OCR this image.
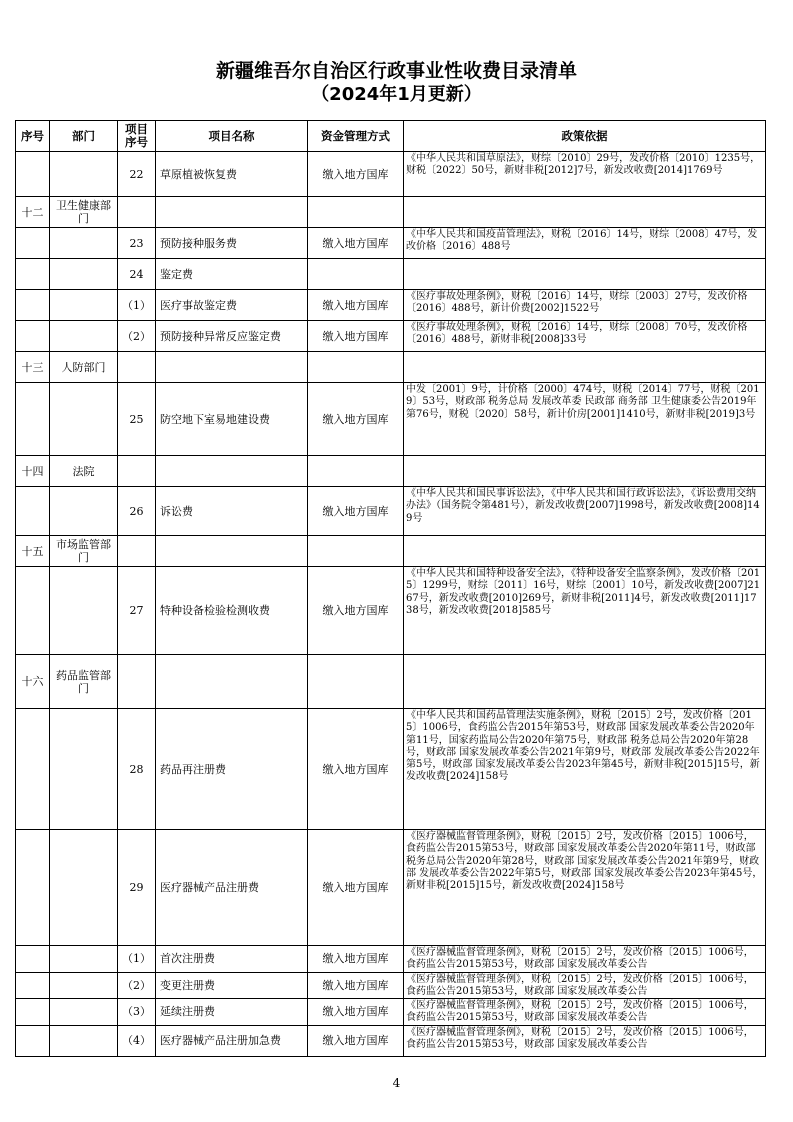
新疆维吾尔自治区行政事业性收费目录清单
（2024年1月更新）
序号	部门	项目序号	项目名称	资金管理方式	政策依据
		22	草原植被恢复费	缴入地方国库	《中华人民共和国草原法》，财综〔2010〕29号，发改价格〔2010〕1235号，财税〔2022〕50号，新财非税[2012]7号，新发改收费[2014]1769号
十二	卫生健康部门				
		23	预防接种服务费	缴入地方国库	《中华人民共和国疫苗管理法》，财税〔2016〕14号，财综〔2008〕47号，发改价格〔2016〕488号
		24	鉴定费		
		（1）	医疗事故鉴定费	缴入地方国库	《医疗事故处理条例》，财税〔2016〕14号，财综〔2003〕27号，发改价格〔2016〕488号，新计价费[2002]1522号
		（2）	预防接种异常反应鉴定费	缴入地方国库	《医疗事故处理条例》，财税〔2016〕14号，财综〔2008〕70号，发改价格〔2016〕488号，新财非税[2008]33号
十三	人防部门				
		25	防空地下室易地建设费	缴入地方国库	中发〔2001〕9号，计价格〔2000〕474号，财税〔2014〕77号，财税〔2019〕53号，财政部 税务总局 发展改革委 民政部 商务部 卫生健康委公告2019年第76号，财税〔2020〕58号，新计价房[2001]1410号，新财非税[2019]3号
十四	法院				
		26	诉讼费	缴入地方国库	《中华人民共和国民事诉讼法》，《中华人民共和国行政诉讼法》，《诉讼费用交纳办法》（国务院令第481号），新发改收费[2007]1998号，新发改收费[2008]149号
十五	市场监管部门				
		27	特种设备检验检测收费	缴入地方国库	《中华人民共和国特种设备安全法》，《特种设备安全监察条例》，发改价格〔2015〕1299号，财综〔2011〕16号，财综〔2001〕10号，新发改收费[2007]2167号，新发改收费[2010]269号，新财非税[2011]4号，新发改收费[2011]1738号，新发改收费[2018]585号
十六	药品监管部门				
		28	药品再注册费	缴入地方国库	《中华人民共和国药品管理法实施条例》，财税〔2015〕2号，发改价格〔2015〕1006号，食药监公告2015年第53号，财政部 国家发展改革委公告2020年第11号，国家药监局公告2020年第75号，财政部 税务总局公告2020年第28号，财政部 国家发展改革委公告2021年第9号，财政部 发展改革委公告2022年第5号，财政部 国家发展改革委公告2023年第45号，新财非税[2015]15号，新发改收费[2024]158号
		29	医疗器械产品注册费	缴入地方国库	《医疗器械监督管理条例》，财税〔2015〕2号，发改价格〔2015〕1006号，食药监公告2015第53号，财政部 国家发展改革委公告2020年第11号，财政部 税务总局公告2020年第28号，财政部 国家发展改革委公告2021年第9号，财政部 发展改革委公告2022年第5号，财政部 国家发展改革委公告2023年第45号，新财非税[2015]15号，新发改收费[2024]158号
		（1）	首次注册费	缴入地方国库	《医疗器械监督管理条例》，财税〔2015〕2号，发改价格〔2015〕1006号，食药监公告2015第53号，财政部 国家发展改革委公告
		（2）	变更注册费	缴入地方国库	《医疗器械监督管理条例》，财税〔2015〕2号，发改价格〔2015〕1006号，食药监公告2015第53号，财政部 国家发展改革委公告
		（3）	延续注册费	缴入地方国库	《医疗器械监督管理条例》，财税〔2015〕2号，发改价格〔2015〕1006号，食药监公告2015第53号，财政部 国家发展改革委公告
		（4）	医疗器械产品注册加急费	缴入地方国库	《医疗器械监督管理条例》，财税〔2015〕2号，发改价格〔2015〕1006号，食药监公告2015第53号，财政部 国家发展改革委公告
4
